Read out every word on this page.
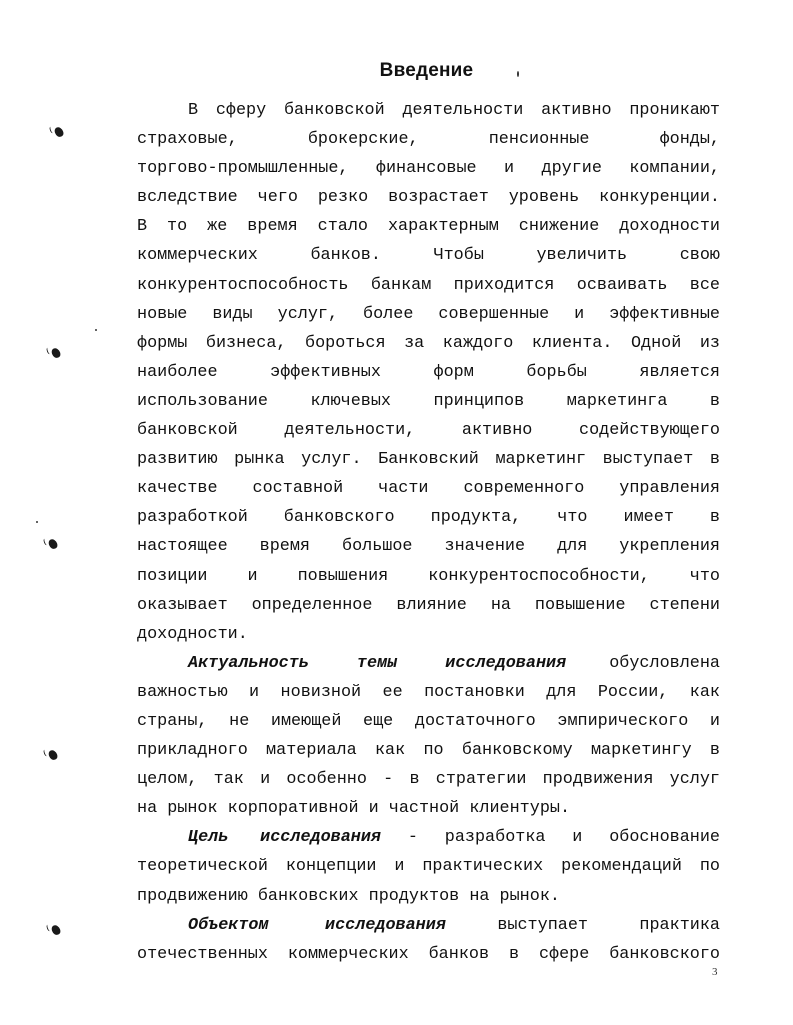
Введение
В сферу банковской деятельности активно проникают
страховые, брокерские, пенсионные фонды,
торгово-промышленные, финансовые и другие компании,
вследствие чего резко возрастает уровень конкуренции.
В то же время стало характерным снижение доходности
коммерческих банков. Чтобы увеличить свою
конкурентоспособность банкам приходится осваивать все
новые виды услуг, более совершенные и эффективные
формы бизнеса, бороться за каждого клиента. Одной из
наиболее эффективных форм борьбы является
использование ключевых принципов маркетинга в
банковской деятельности, активно содействующего
развитию рынка услуг. Банковский маркетинг выступает в
качестве составной части современного управления
разработкой банковского продукта, что имеет в
настоящее время большое значение для укрепления
позиции и повышения конкурентоспособности, что
оказывает определенное влияние на повышение степени
доходности.
Актуальность темы исследования	обусловлена
важностью и новизной ее постановки для России, как
страны, не имеющей еще достаточного эмпирического и
прикладного материала как по банковскому маркетингу в
целом, так и особенно - в стратегии продвижения услуг
на рынок корпоративной и частной клиентуры.
Цель исследования - разработка и обоснование
теоретической концепции и практических рекомендаций по
продвижению банковских продуктов на рынок.
Объектом исследования	выступает практика
отечественных коммерческих банков в сфере банковского
3
